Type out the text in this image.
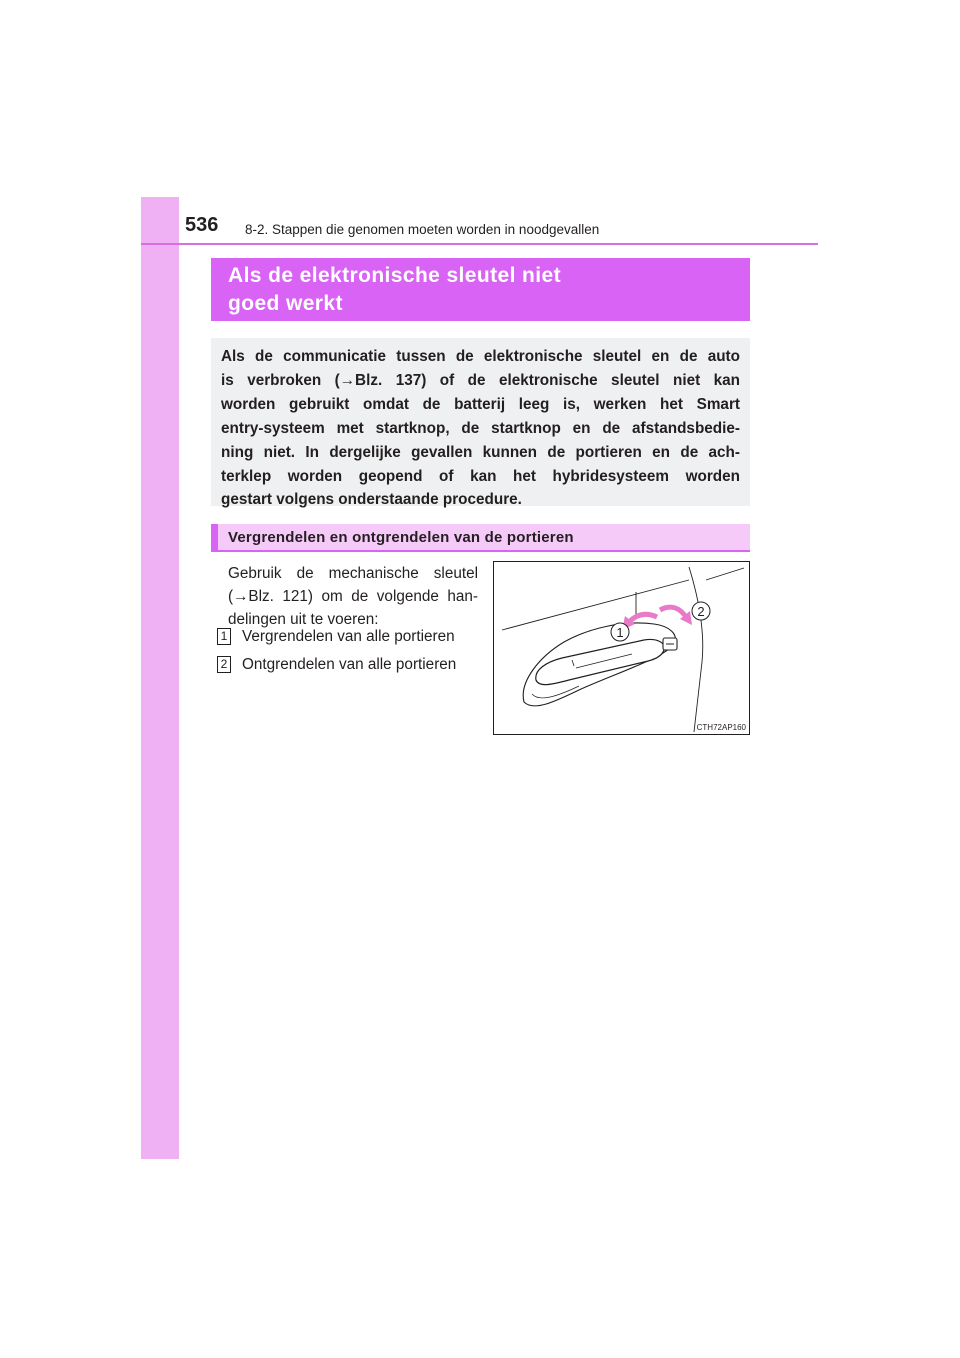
536 8-2. Stappen die genomen moeten worden in noodgevallen
Als de elektronische sleutel niet
goed werkt
Als de communicatie tussen de elektronische sleutel en de auto
is verbroken (→Blz. 137) of de elektronische sleutel niet kan
worden gebruikt omdat de batterij leeg is, werken het Smart
entry-systeem met startknop, de startknop en de afstandsbedie-
ning niet. In dergelijke gevallen kunnen de portieren en de ach-
terklep worden geopend of kan het hybridesysteem worden
gestart volgens onderstaande procedure.
Vergrendelen en ontgrendelen van de portieren
Gebruik de mechanische sleutel
(→Blz. 121) om de volgende han-
delingen uit te voeren:
1 Vergrendelen van alle portieren
2 Ontgrendelen van alle portieren
1
2
CTH72AP160
